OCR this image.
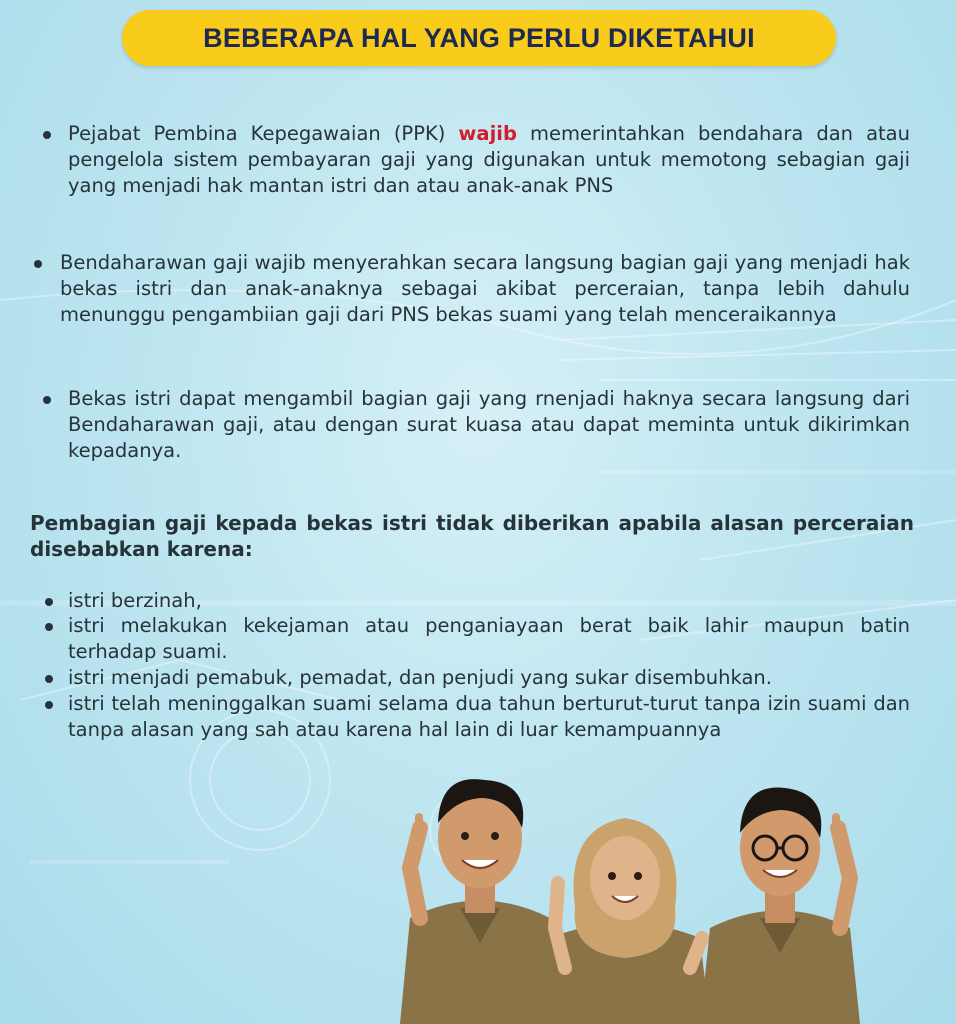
BEBERAPA HAL YANG PERLU DIKETAHUI
Pejabat Pembina Kepegawaian (PPK) wajib memerintahkan bendahara dan atau pengelola sistem pembayaran gaji yang digunakan untuk memotong sebagian gaji yang menjadi hak mantan istri dan atau anak-anak PNS
Bendaharawan gaji wajib menyerahkan secara langsung bagian gaji yang menjadi hak bekas istri dan anak-anaknya sebagai akibat perceraian, tanpa lebih dahulu menunggu pengambiian gaji dari PNS bekas suami yang telah menceraikannya
Bekas istri dapat mengambil bagian gaji yang rnenjadi haknya secara langsung dari Bendaharawan gaji, atau dengan surat kuasa atau dapat meminta untuk dikirimkan kepadanya.
Pembagian gaji kepada bekas istri tidak diberikan apabila alasan perceraian disebabkan karena:
istri berzinah,
istri melakukan kekejaman atau penganiayaan berat baik lahir maupun batin terhadap suami.
istri menjadi pemabuk, pemadat, dan penjudi yang sukar disembuhkan.
istri telah meninggalkan suami selama dua tahun berturut-turut tanpa izin suami dan tanpa alasan yang sah atau karena hal lain di luar kemampuannya
